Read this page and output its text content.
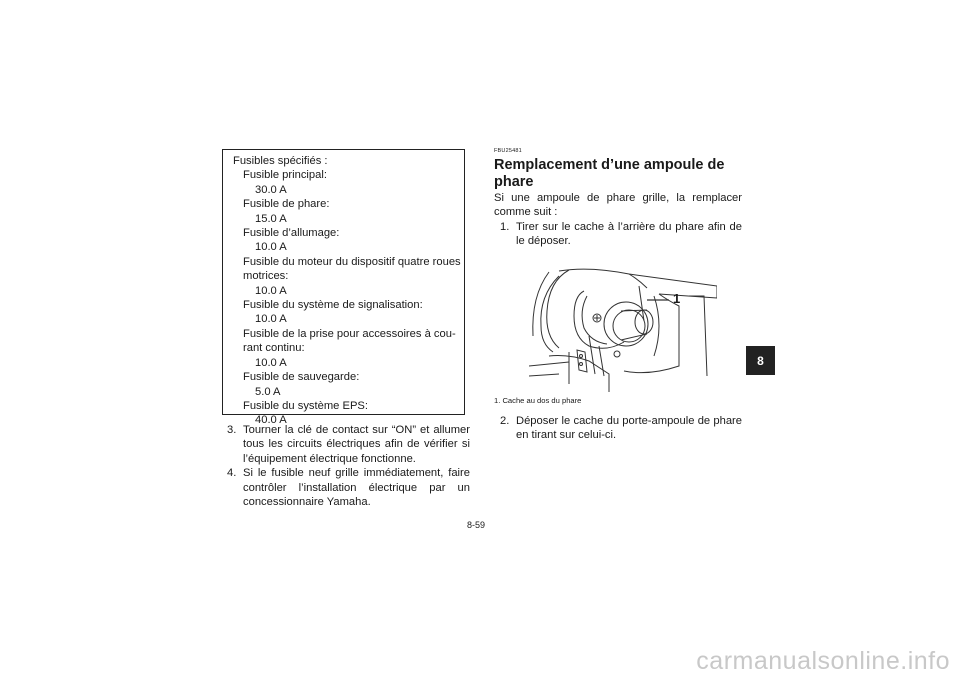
Fusibles spécifiés :
Fusible principal:
30.0 A
Fusible de phare:
15.0 A
Fusible d’allumage:
10.0 A
Fusible du moteur du dispositif quatre roues
motrices:
10.0 A
Fusible du système de signalisation:
10.0 A
Fusible de la prise pour accessoires à cou-
rant continu:
10.0 A
Fusible de sauvegarde:
5.0 A
Fusible du système EPS:
40.0 A
3. Tourner la clé de contact sur “ON” et allumer tous les circuits électriques afin de vérifier si l’équipement électrique fonctionne.
4. Si le fusible neuf grille immédiatement, faire contrôler l’installation électrique par un concessionnaire Yamaha.
FBU25481
Remplacement d’une ampoule de phare
Si une ampoule de phare grille, la remplacer comme suit :
1. Tirer sur le cache à l’arrière du phare afin de le déposer.
1
1. Cache au dos du phare
2. Déposer le cache du porte-ampoule de phare en tirant sur celui-ci.
8-59
8
carmanualsonline.info
